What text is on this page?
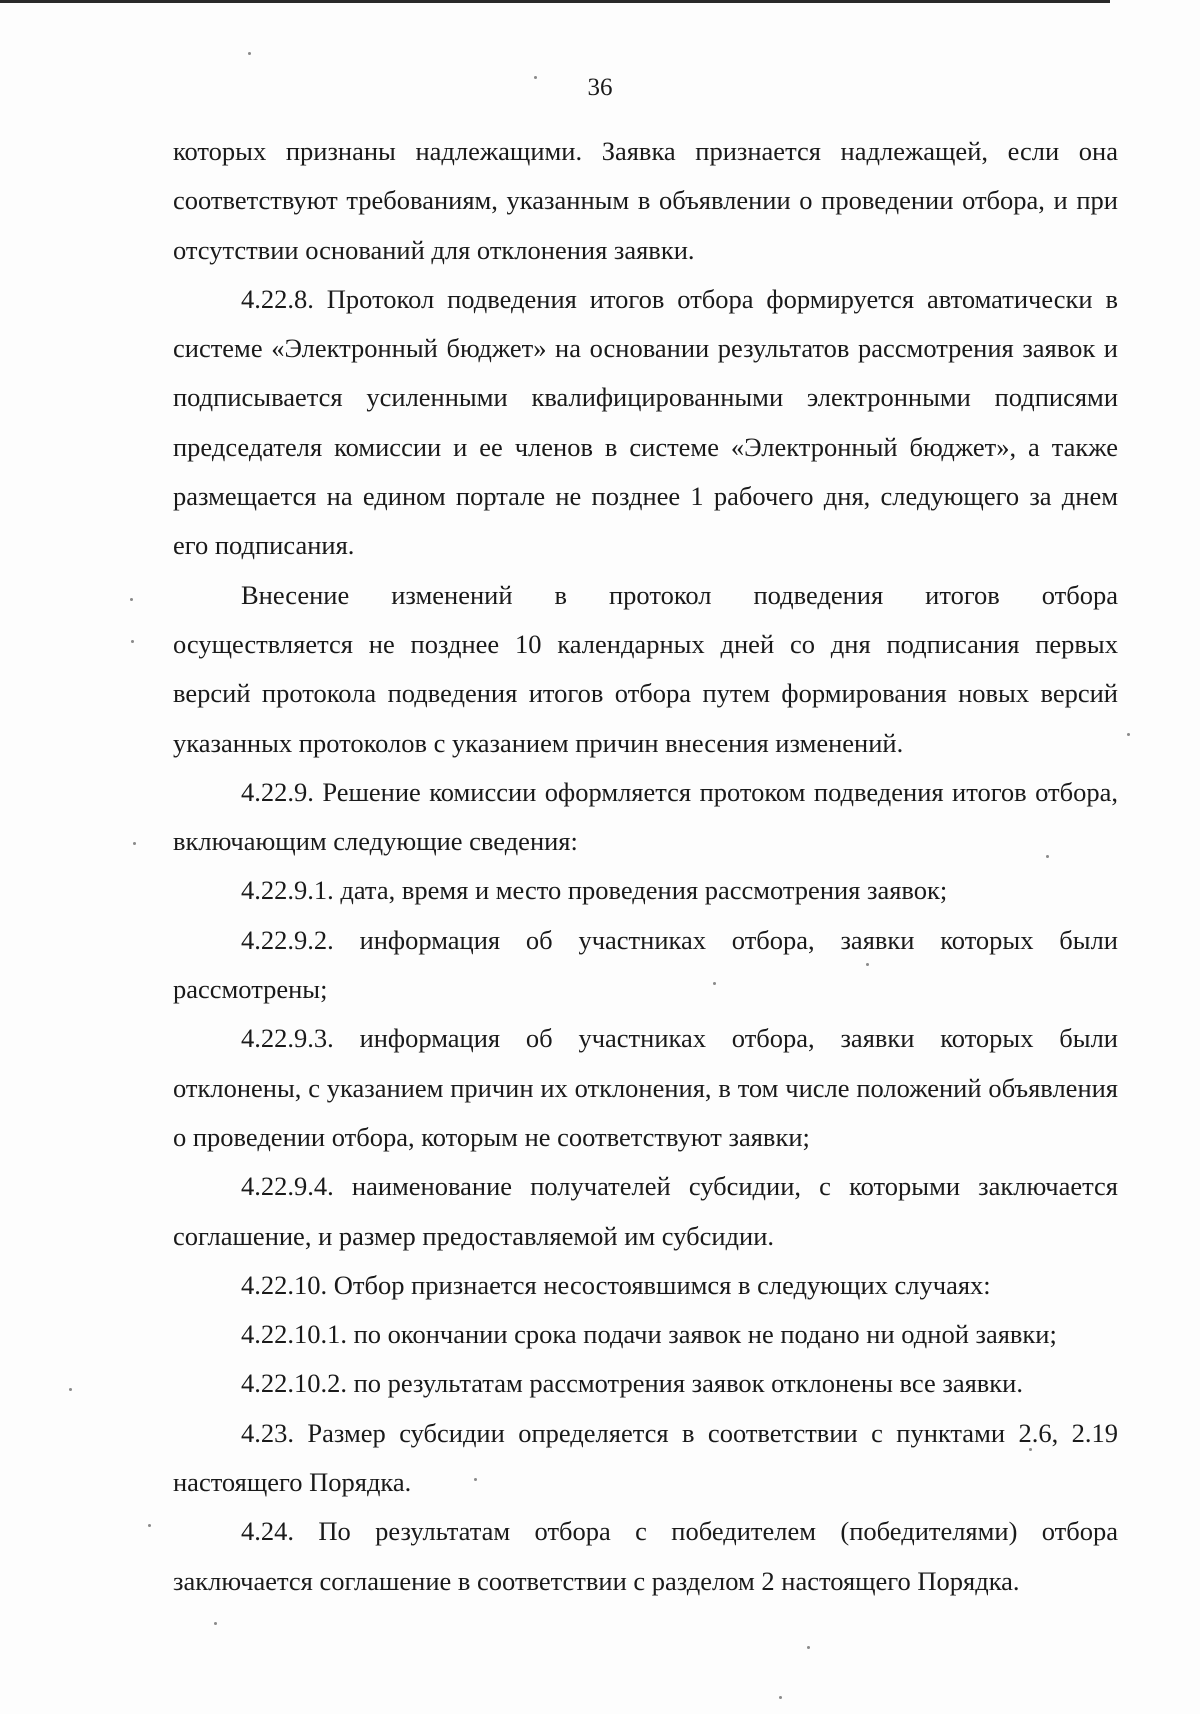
36

которых признаны надлежащими. Заявка признается надлежащей, если она соответствуют требованиям, указанным в объявлении о проведении отбора, и при отсутствии оснований для отклонения заявки.

4.22.8. Протокол подведения итогов отбора формируется автоматически в системе «Электронный бюджет» на основании результатов рассмотрения заявок и подписывается усиленными квалифицированными электронными подписями председателя комиссии и ее членов в системе «Электронный бюджет», а также размещается на едином портале не позднее 1 рабочего дня, следующего за днем его подписания.

Внесение изменений в протокол подведения итогов отбора

осуществляется не позднее 10 календарных дней со дня подписания первых версий протокола подведения итогов отбора путем формирования новых версий указанных протоколов с указанием причин внесения изменений.

4.22.9. Решение комиссии оформляется протоком подведения итогов отбора, включающим следующие сведения:

4.22.9.1. дата, время и место проведения рассмотрения заявок;

4.22.9.2. информация об участниках отбора, заявки которых были рассмотрены;

4.22.9.3. информация об участниках отбора, заявки которых были отклонены, с указанием причин их отклонения, в том числе положений объявления о проведении отбора, которым не соответствуют заявки;

4.22.9.4. наименование получателей субсидии, с которыми заключается соглашение, и размер предоставляемой им субсидии.

4.22.10. Отбор признается несостоявшимся в следующих случаях:

4.22.10.1. по окончании срока подачи заявок не подано ни одной заявки;

4.22.10.2. по результатам рассмотрения заявок отклонены все заявки.

4.23. Размер субсидии определяется в соответствии с пунктами 2.6, 2.19 настоящего Порядка.

4.24. По результатам отбора с победителем (победителями) отбора заключается соглашение в соответствии с разделом 2 настоящего Порядка.
